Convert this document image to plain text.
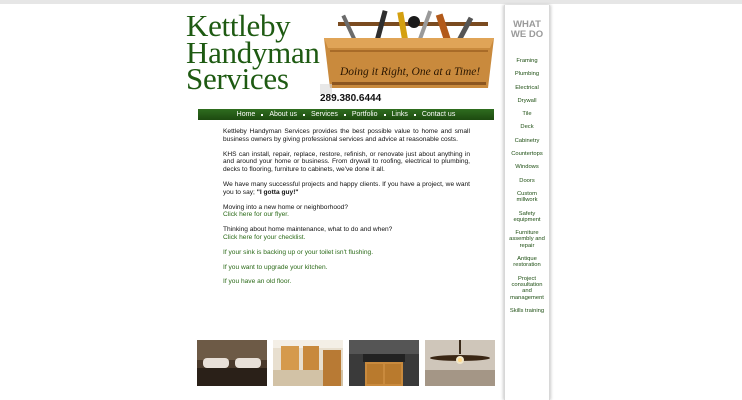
Kettleby
Handyman
Services	Doing it Right, One at a Time!
289.380.6444
Home About us Services Portfolio Links Contact us

Kettleby Handyman Services provides the best possible value to home and small business owners by giving professional services and advice at reasonable costs.

KHS can install, repair, replace, restore, refinish, or renovate just about anything in and around your home or business. From drywall to roofing, electrical to plumbing, decks to flooring, furniture to cabinets, we've done it all.

We have many successful projects and happy clients. If you have a project, we want you to say; "I gotta guy!"

Moving into a new home or neighborhood?
Click here for our flyer.

Thinking about home maintenance, what to do and when?
Click here for your checklist.

If your sink is backing up or your toilet isn't flushing.

If you want to upgrade your kitchen.

If you have an old floor.

WHAT
WE DO
Framing
Plumbing
Electrical
Drywall
Tile
Deck
Cabinetry
Countertops
Windows
Doors
Custom millwork
Safety equipment
Furniture assembly and repair
Antique restoration
Project consultation and management
Skills training
